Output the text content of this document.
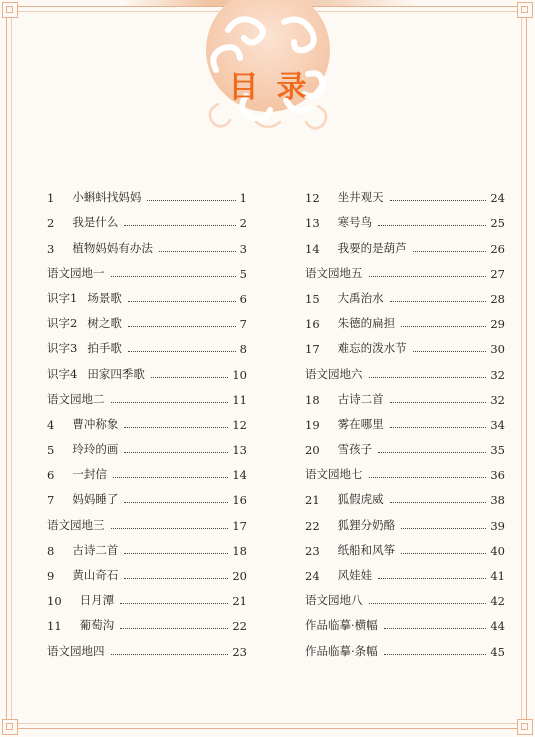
目录
1 小蝌蚪找妈妈	1
2 我是什么	2
3 植物妈妈有办法	3
语文园地一	5
识字1 场景歌	6
识字2 树之歌	7
识字3 拍手歌	8
识字4 田家四季歌	10
语文园地二	11
4 曹冲称象	12
5 玲玲的画	13
6 一封信	14
7 妈妈睡了	16
语文园地三	17
8 古诗二首	18
9 黄山奇石	20
10 日月潭	21
11 葡萄沟	22
语文园地四	23
12 坐井观天	24
13 寒号鸟	25
14 我要的是葫芦	26
语文园地五	27
15 大禹治水	28
16 朱德的扁担	29
17 难忘的泼水节	30
语文园地六	32
18 古诗二首	32
19 雾在哪里	34
20 雪孩子	35
语文园地七	36
21 狐假虎威	38
22 狐狸分奶酪	39
23 纸船和风筝	40
24 风娃娃	41
语文园地八	42
作品临摹·横幅	44
作品临摹·条幅	45
